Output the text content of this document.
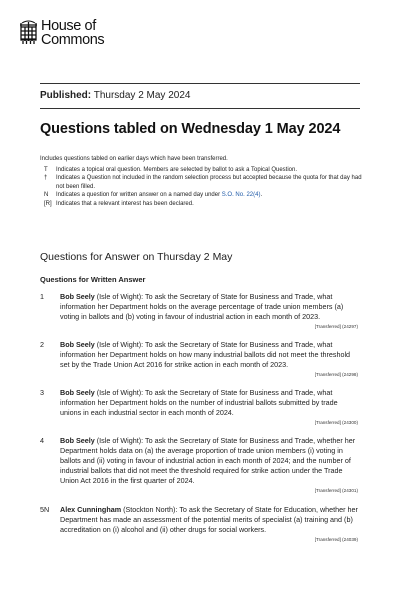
House of
Commons
Published: Thursday 2 May 2024
Questions tabled on Wednesday 1 May 2024
Includes questions tabled on earlier days which have been transferred.
T	Indicates a topical oral question. Members are selected by ballot to ask a Topical Question.
†	Indicates a Question not included in the random selection process but accepted because the quota for that day had not been filled.
N	Indicates a question for written answer on a named day under S.O. No. 22(4).
[R] Indicates that a relevant interest has been declared.
Questions for Answer on Thursday 2 May
Questions for Written Answer
1	Bob Seely (Isle of Wight): To ask the Secretary of State for Business and Trade, what information her Department holds on the average percentage of trade union members (a) voting in ballots and (b) voting in favour of industrial action in each month of 2023.
[Transferred] (24297)
2	Bob Seely (Isle of Wight): To ask the Secretary of State for Business and Trade, what information her Department holds on how many industrial ballots did not meet the threshold set by the Trade Union Act 2016 for strike action in each month of 2023.
[Transferred] (24298)
3	Bob Seely (Isle of Wight): To ask the Secretary of State for Business and Trade, what information her Department holds on the number of industrial ballots submitted by trade unions in each industrial sector in each month of 2024.
[Transferred] (24300)
4	Bob Seely (Isle of Wight): To ask the Secretary of State for Business and Trade, whether her Department holds data on (a) the average proportion of trade union members (i) voting in ballots and (ii) voting in favour of industrial action in each month of 2024; and the number of industrial ballots that did not meet the threshold required for strike action under the Trade Union Act 2016 in the first quarter of 2024.
[Transferred] (24301)
5N	Alex Cunningham (Stockton North): To ask the Secretary of State for Education, whether her Department has made an assessment of the potential merits of specialist (a) training and (b) accreditation on (i) alcohol and (ii) other drugs for social workers.
[Transferred] (24039)
